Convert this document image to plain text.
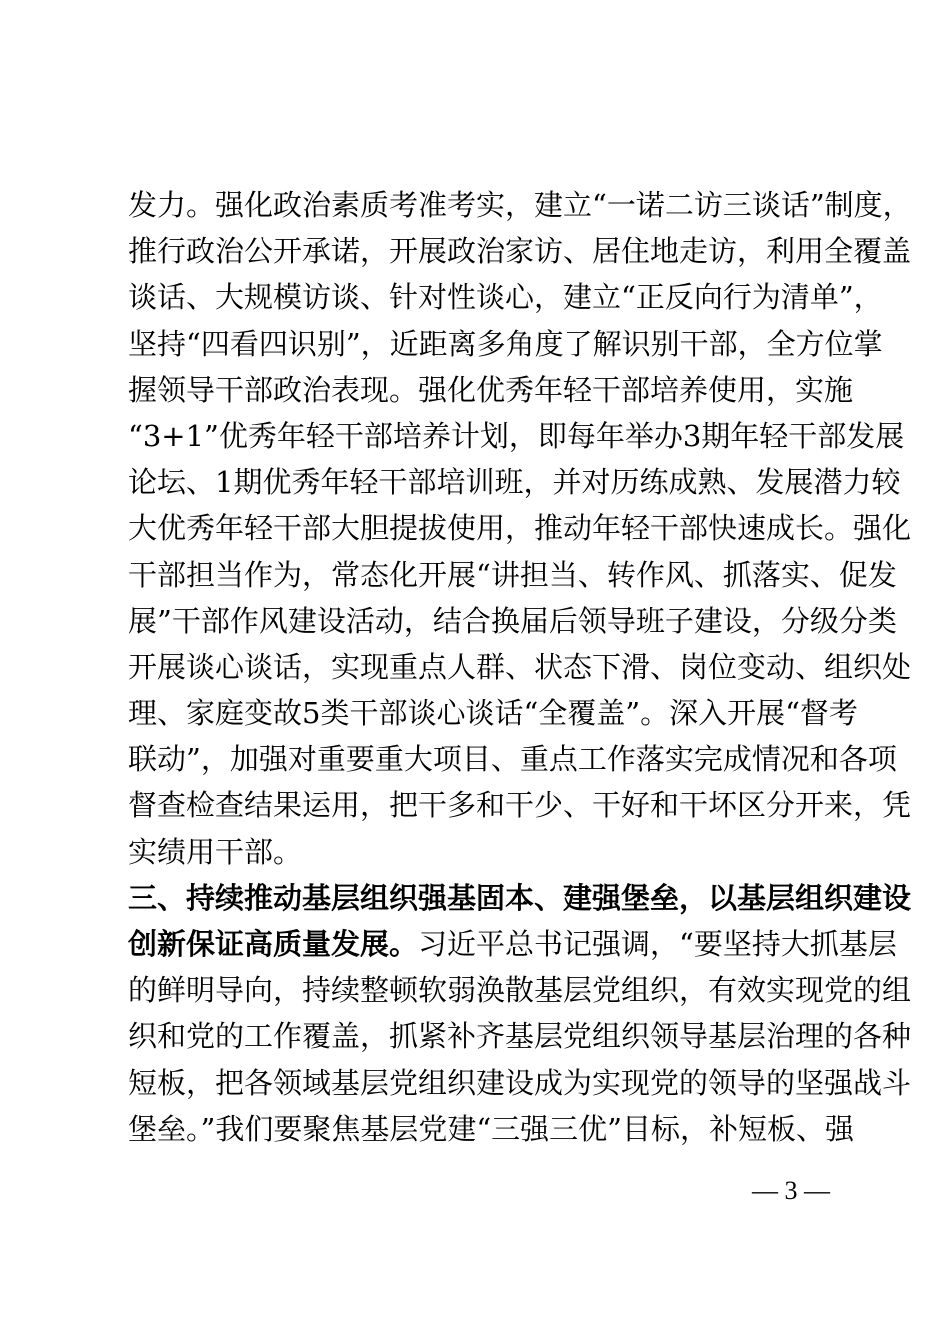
发力。强化政治素质考准考实，建立“一诺二访三谈话”制度，
推行政治公开承诺，开展政治家访、居住地走访，利用全覆盖
谈话、大规模访谈、针对性谈心，建立“正反向行为清单”，
坚持“四看四识别”，近距离多角度了解识别干部，全方位掌
握领导干部政治表现。强化优秀年轻干部培养使用，实施
“3+1”优秀年轻干部培养计划，即每年举办3期年轻干部发展
论坛、1期优秀年轻干部培训班，并对历练成熟、发展潜力较
大优秀年轻干部大胆提拔使用，推动年轻干部快速成长。强化
干部担当作为，常态化开展“讲担当、转作风、抓落实、促发
展”干部作风建设活动，结合换届后领导班子建设，分级分类
开展谈心谈话，实现重点人群、状态下滑、岗位变动、组织处
理、家庭变故5类干部谈心谈话“全覆盖”。深入开展“督考
联动”，加强对重要重大项目、重点工作落实完成情况和各项
督查检查结果运用，把干多和干少、干好和干坏区分开来，凭
实绩用干部。
三、持续推动基层组织强基固本、建强堡垒，以基层组织建设
创新保证高质量发展。 习近平总书记强调，“要坚持大抓基层
的鲜明导向，持续整顿软弱涣散基层党组织，有效实现党的组
织和党的工作覆盖，抓紧补齐基层党组织领导基层治理的各种
短板，把各领域基层党组织建设成为实现党的领导的坚强战斗
堡垒。”我们要聚焦基层党建“三强三优”目标，补短板、强
— 3 —
